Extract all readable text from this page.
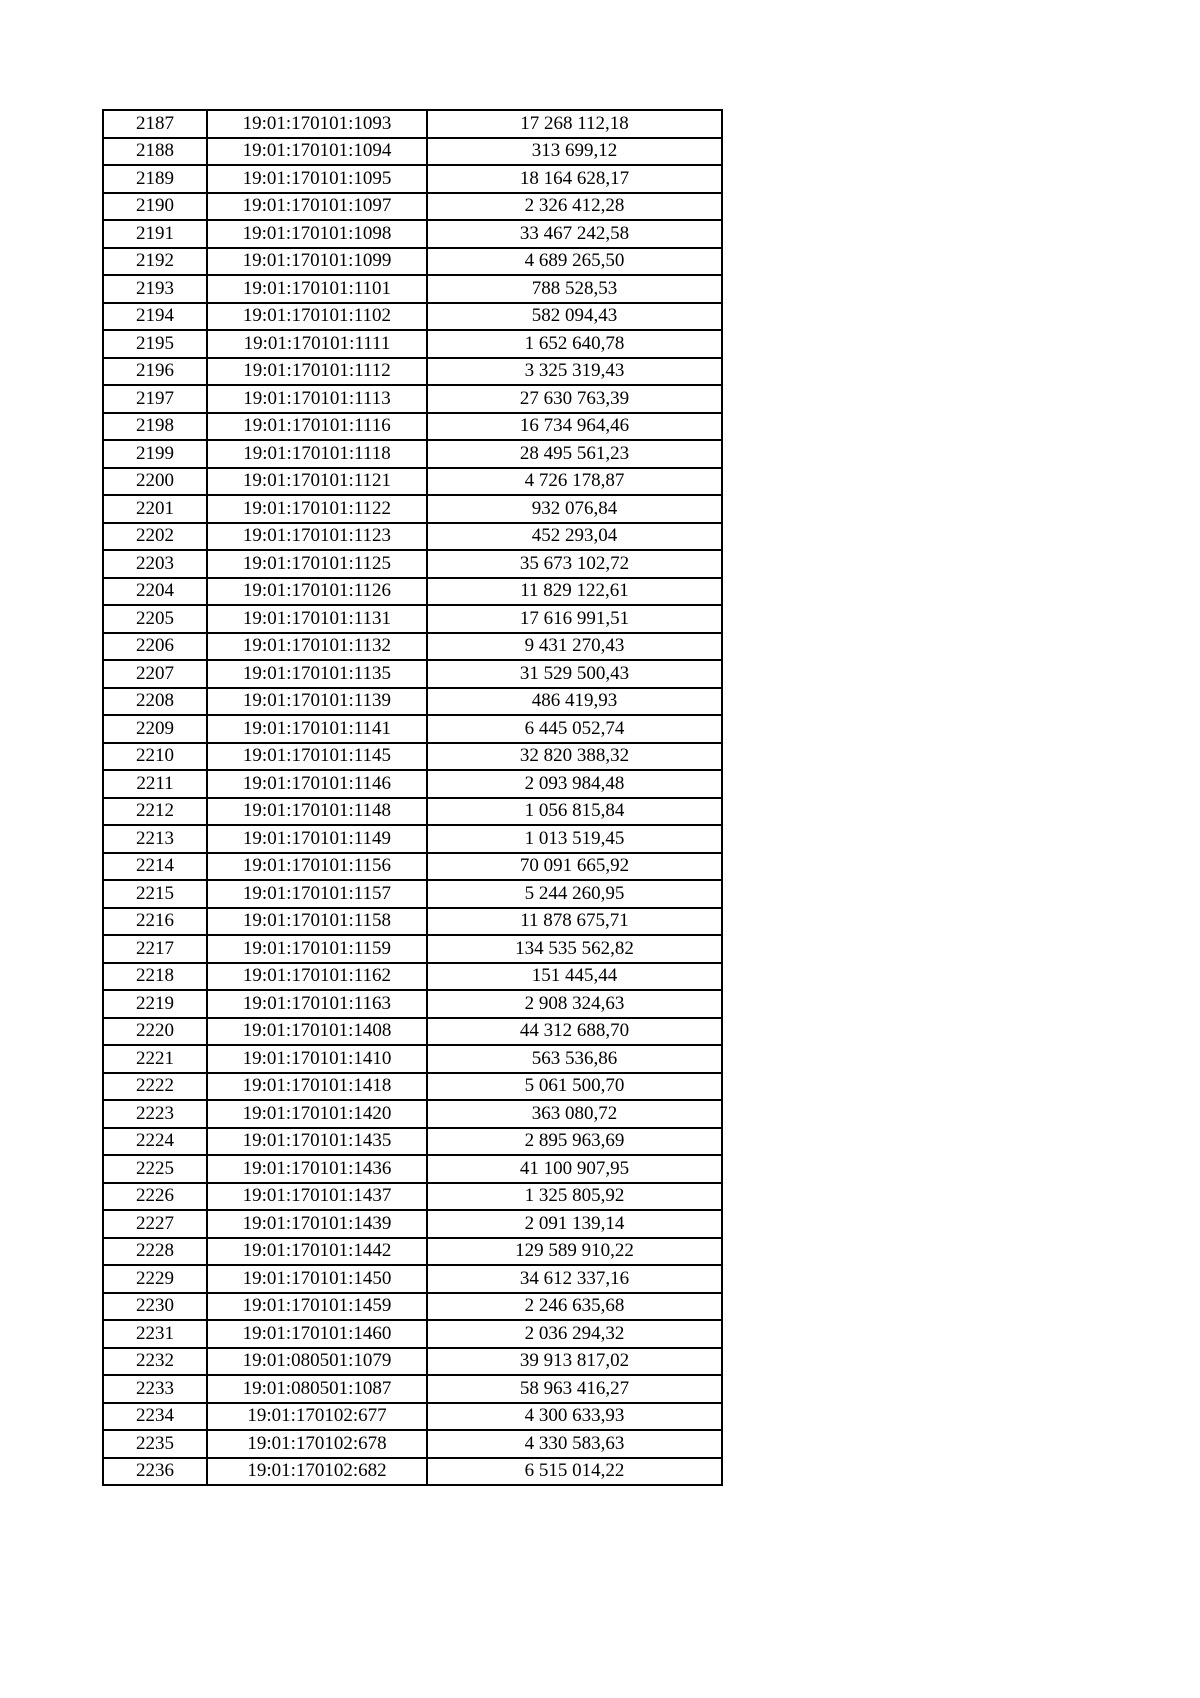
2187	19:01:170101:1093	17 268 112,18
2188	19:01:170101:1094	313 699,12
2189	19:01:170101:1095	18 164 628,17
2190	19:01:170101:1097	2 326 412,28
2191	19:01:170101:1098	33 467 242,58
2192	19:01:170101:1099	4 689 265,50
2193	19:01:170101:1101	788 528,53
2194	19:01:170101:1102	582 094,43
2195	19:01:170101:1111	1 652 640,78
2196	19:01:170101:1112	3 325 319,43
2197	19:01:170101:1113	27 630 763,39
2198	19:01:170101:1116	16 734 964,46
2199	19:01:170101:1118	28 495 561,23
2200	19:01:170101:1121	4 726 178,87
2201	19:01:170101:1122	932 076,84
2202	19:01:170101:1123	452 293,04
2203	19:01:170101:1125	35 673 102,72
2204	19:01:170101:1126	11 829 122,61
2205	19:01:170101:1131	17 616 991,51
2206	19:01:170101:1132	9 431 270,43
2207	19:01:170101:1135	31 529 500,43
2208	19:01:170101:1139	486 419,93
2209	19:01:170101:1141	6 445 052,74
2210	19:01:170101:1145	32 820 388,32
2211	19:01:170101:1146	2 093 984,48
2212	19:01:170101:1148	1 056 815,84
2213	19:01:170101:1149	1 013 519,45
2214	19:01:170101:1156	70 091 665,92
2215	19:01:170101:1157	5 244 260,95
2216	19:01:170101:1158	11 878 675,71
2217	19:01:170101:1159	134 535 562,82
2218	19:01:170101:1162	151 445,44
2219	19:01:170101:1163	2 908 324,63
2220	19:01:170101:1408	44 312 688,70
2221	19:01:170101:1410	563 536,86
2222	19:01:170101:1418	5 061 500,70
2223	19:01:170101:1420	363 080,72
2224	19:01:170101:1435	2 895 963,69
2225	19:01:170101:1436	41 100 907,95
2226	19:01:170101:1437	1 325 805,92
2227	19:01:170101:1439	2 091 139,14
2228	19:01:170101:1442	129 589 910,22
2229	19:01:170101:1450	34 612 337,16
2230	19:01:170101:1459	2 246 635,68
2231	19:01:170101:1460	2 036 294,32
2232	19:01:080501:1079	39 913 817,02
2233	19:01:080501:1087	58 963 416,27
2234	19:01:170102:677	4 300 633,93
2235	19:01:170102:678	4 330 583,63
2236	19:01:170102:682	6 515 014,22
